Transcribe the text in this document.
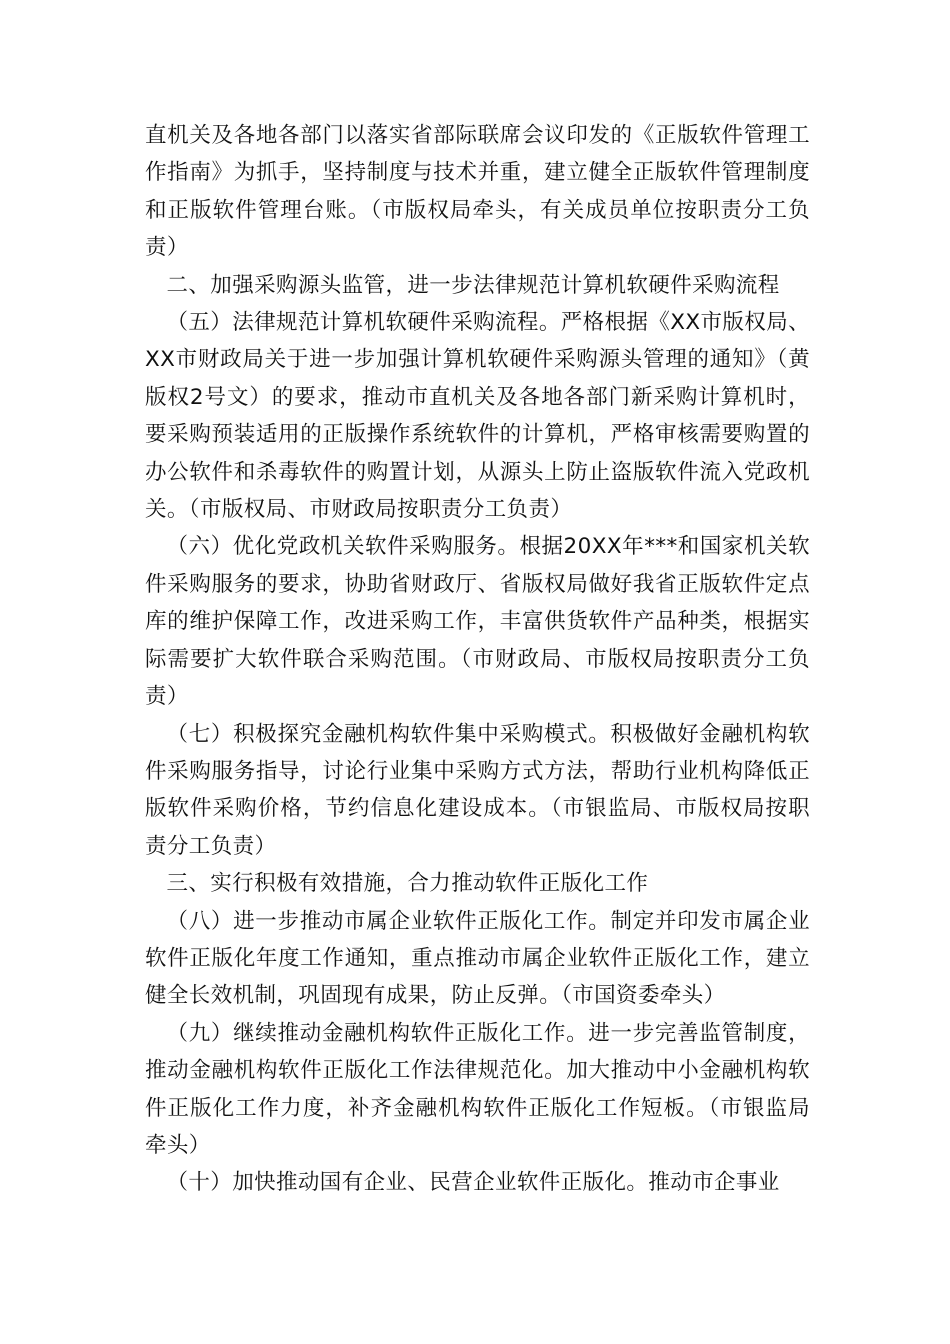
直机关及各地各部门以落实省部际联席会议印发的《正版软件管理工作指南》为抓手，坚持制度与技术并重，建立健全正版软件管理制度和正版软件管理台账。（市版权局牵头，有关成员单位按职责分工负责）

二、加强采购源头监管，进一步法律规范计算机软硬件采购流程

（五）法律规范计算机软硬件采购流程。严格根据《XX市版权局、XX市财政局关于进一步加强计算机软硬件采购源头管理的通知》（黄版权2号文）的要求，推动市直机关及各地各部门新采购计算机时，要采购预装适用的正版操作系统软件的计算机，严格审核需要购置的办公软件和杀毒软件的购置计划，从源头上防止盗版软件流入党政机关。（市版权局、市财政局按职责分工负责）

（六）优化党政机关软件采购服务。根据20XX年***和国家机关软件采购服务的要求，协助省财政厅、省版权局做好我省正版软件定点库的维护保障工作，改进采购工作，丰富供货软件产品种类，根据实际需要扩大软件联合采购范围。（市财政局、市版权局按职责分工负责）

（七）积极探究金融机构软件集中采购模式。积极做好金融机构软件采购服务指导，讨论行业集中采购方式方法，帮助行业机构降低正版软件采购价格，节约信息化建设成本。（市银监局、市版权局按职责分工负责）

三、实行积极有效措施，合力推动软件正版化工作

（八）进一步推动市属企业软件正版化工作。制定并印发市属企业软件正版化年度工作通知，重点推动市属企业软件正版化工作，建立健全长效机制，巩固现有成果，防止反弹。（市国资委牵头）

（九）继续推动金融机构软件正版化工作。进一步完善监管制度，推动金融机构软件正版化工作法律规范化。加大推动中小金融机构软件正版化工作力度，补齐金融机构软件正版化工作短板。（市银监局牵头）

（十）加快推动国有企业、民营企业软件正版化。推动市企事业
